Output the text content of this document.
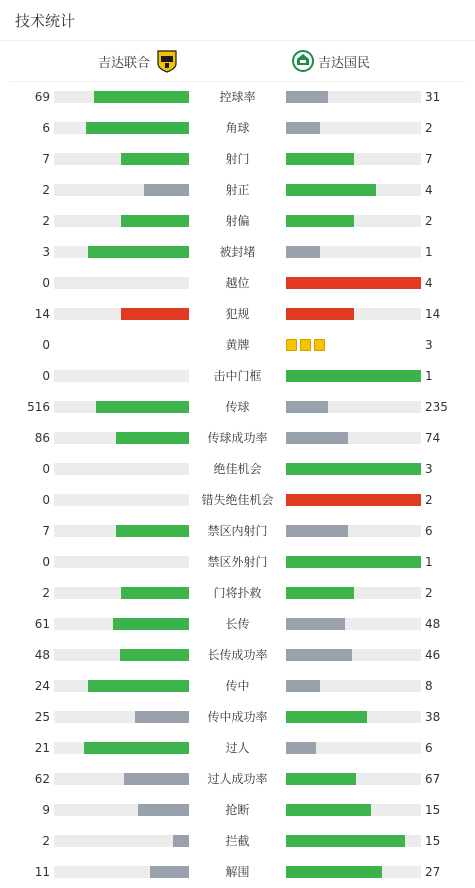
技术统计
吉达联合	吉达国民
69	控球率	31
6	角球	2
7	射门	7
2	射正	4
2	射偏	2
3	被封堵	1
0	越位	4
14	犯规	14
0	黄牌	3
0	击中门框	1
516	传球	235
86	传球成功率	74
0	绝佳机会	3
0	错失绝佳机会	2
7	禁区内射门	6
0	禁区外射门	1
2	门将扑救	2
61	长传	48
48	长传成功率	46
24	传中	8
25	传中成功率	38
21	过人	6
62	过人成功率	67
9	抢断	15
2	拦截	15
11	解围	27
